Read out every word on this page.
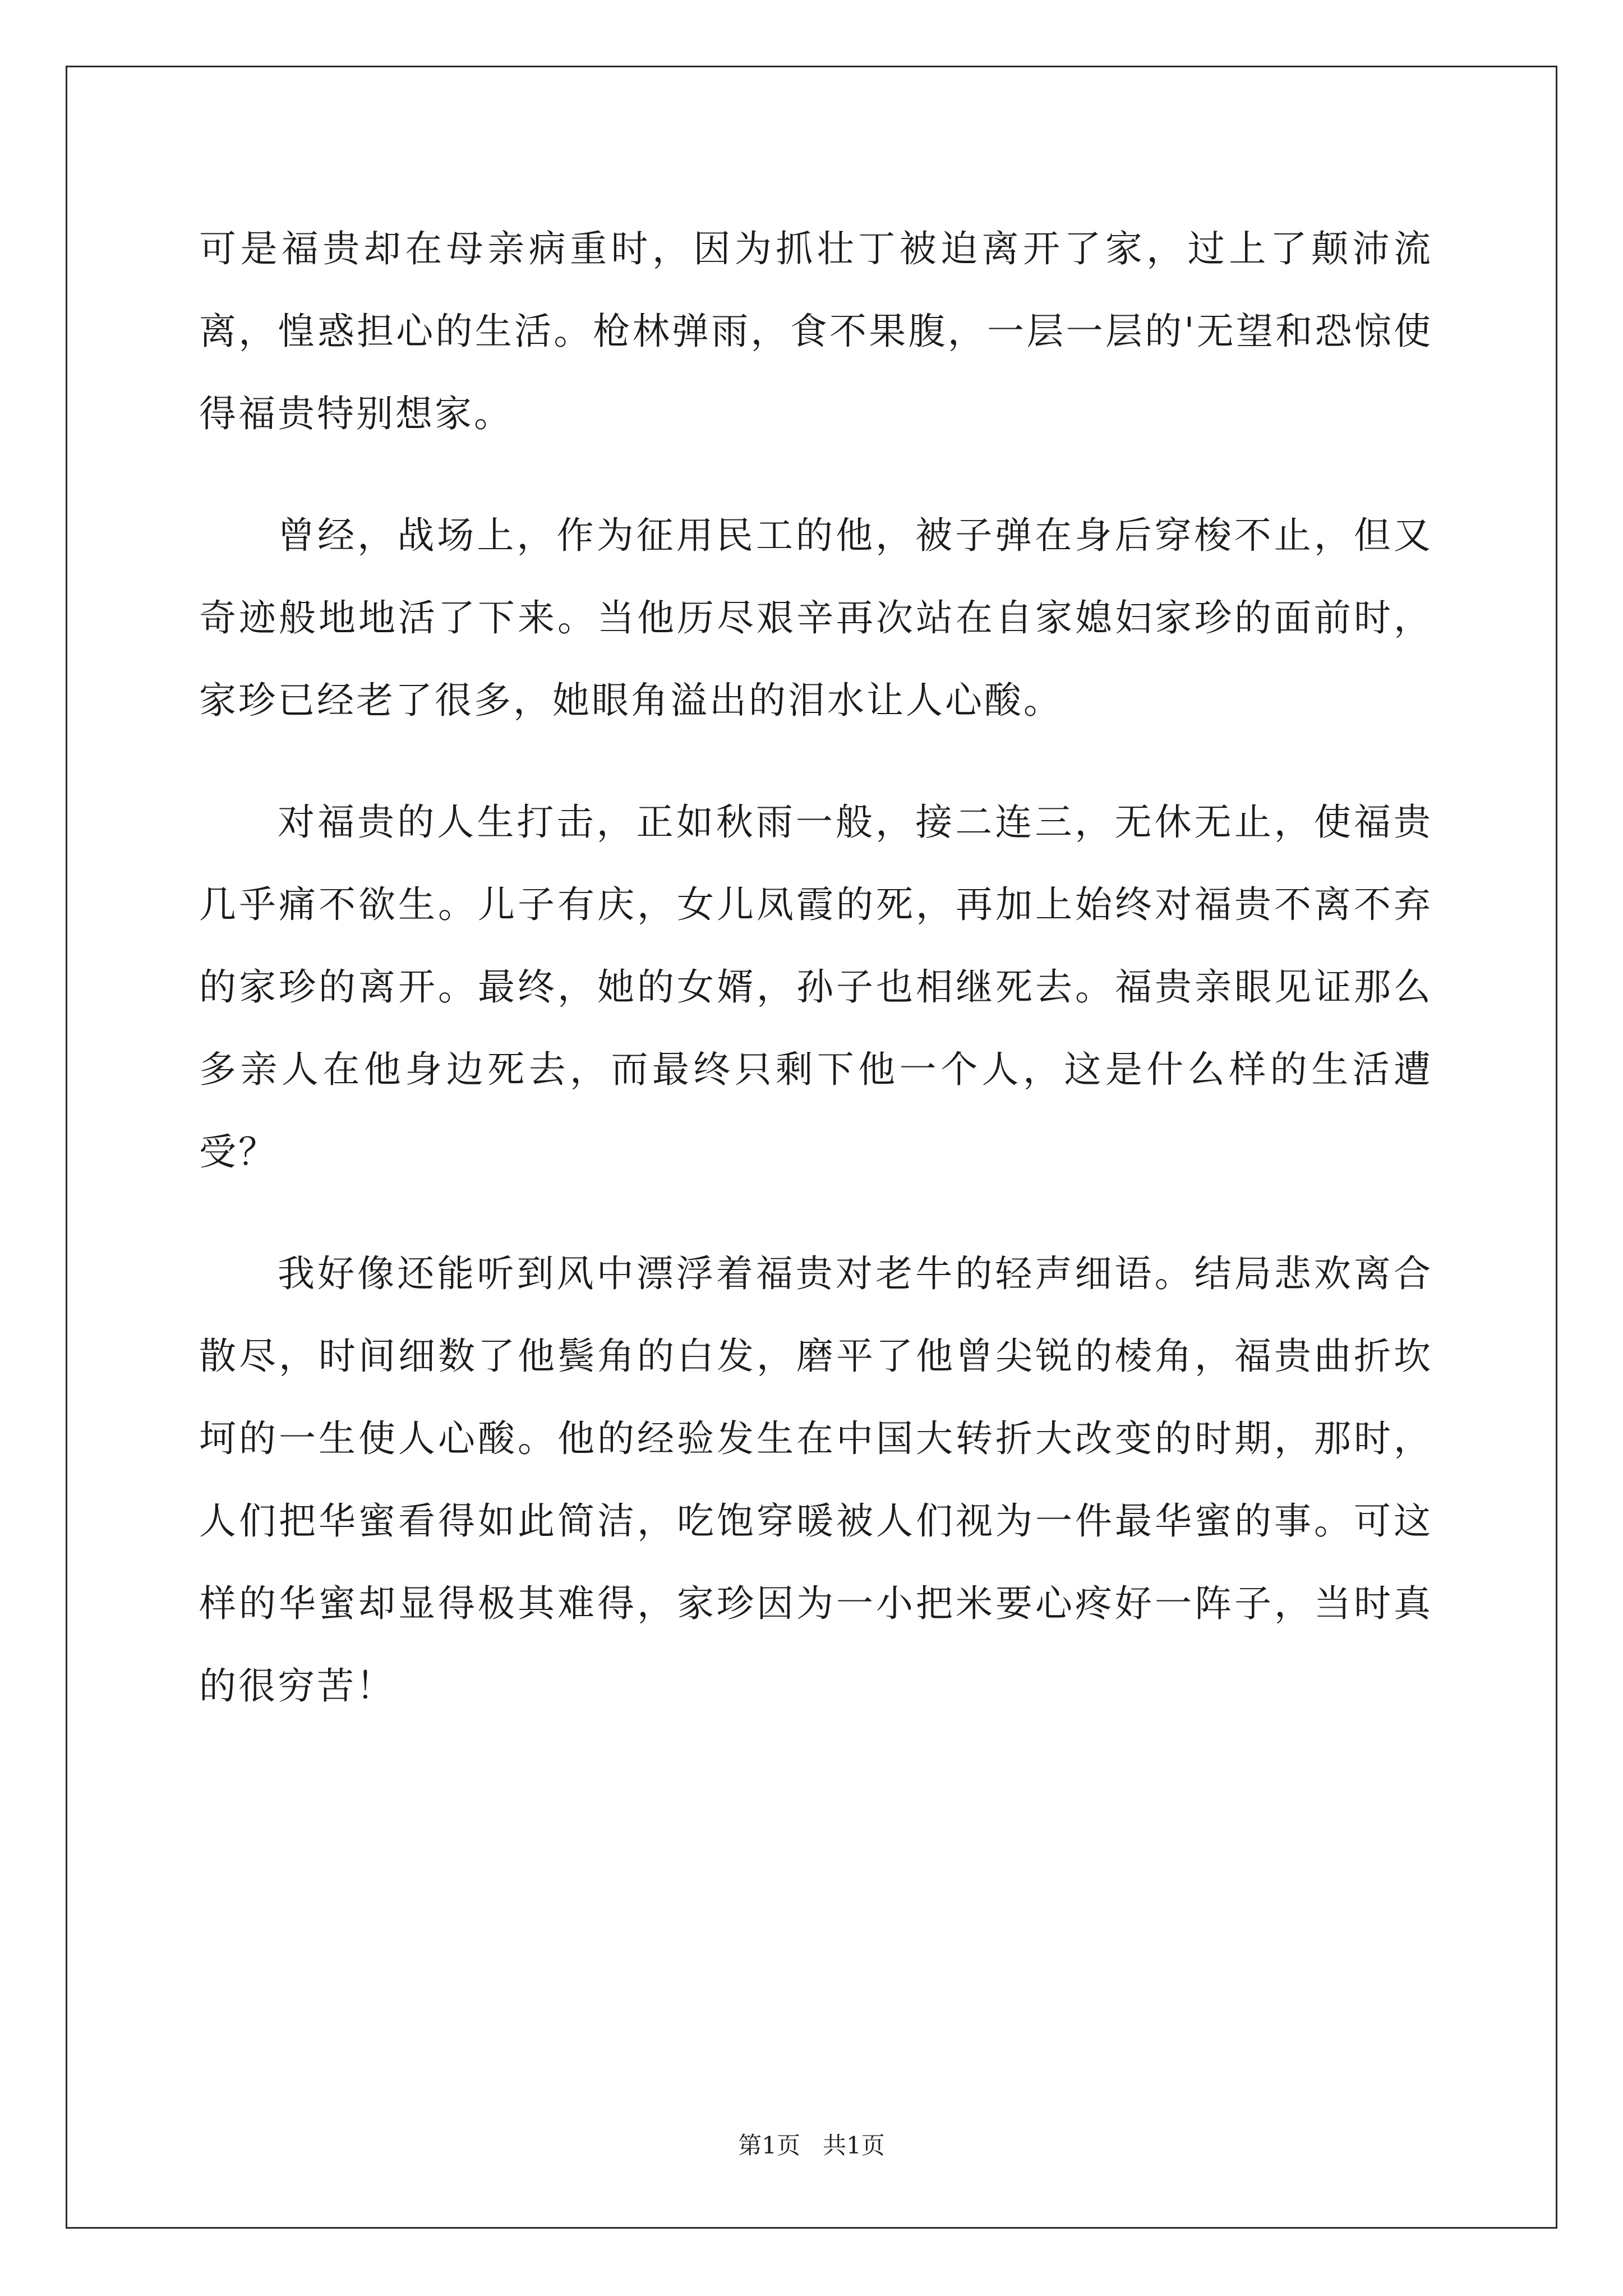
可是福贵却在母亲病重时，因为抓壮丁被迫离开了家，过上了颠沛流离，惶惑担心的生活。枪林弹雨，食不果腹，一层一层的'无望和恐惊使得福贵特别想家。

曾经，战场上，作为征用民工的他，被子弹在身后穿梭不止，但又奇迹般地地活了下来。当他历尽艰辛再次站在自家媳妇家珍的面前时，家珍已经老了很多，她眼角溢出的泪水让人心酸。

对福贵的人生打击，正如秋雨一般，接二连三，无休无止，使福贵几乎痛不欲生。儿子有庆，女儿凤霞的死，再加上始终对福贵不离不弃的家珍的离开。最终，她的女婿，孙子也相继死去。福贵亲眼见证那么多亲人在他身边死去，而最终只剩下他一个人，这是什么样的生活遭受？

我好像还能听到风中漂浮着福贵对老牛的轻声细语。结局悲欢离合散尽，时间细数了他鬓角的白发，磨平了他曾尖锐的棱角，福贵曲折坎坷的一生使人心酸。他的经验发生在中国大转折大改变的时期，那时，人们把华蜜看得如此简洁，吃饱穿暖被人们视为一件最华蜜的事。可这样的华蜜却显得极其难得，家珍因为一小把米要心疼好一阵子，当时真的很穷苦！

第1页   共1页
